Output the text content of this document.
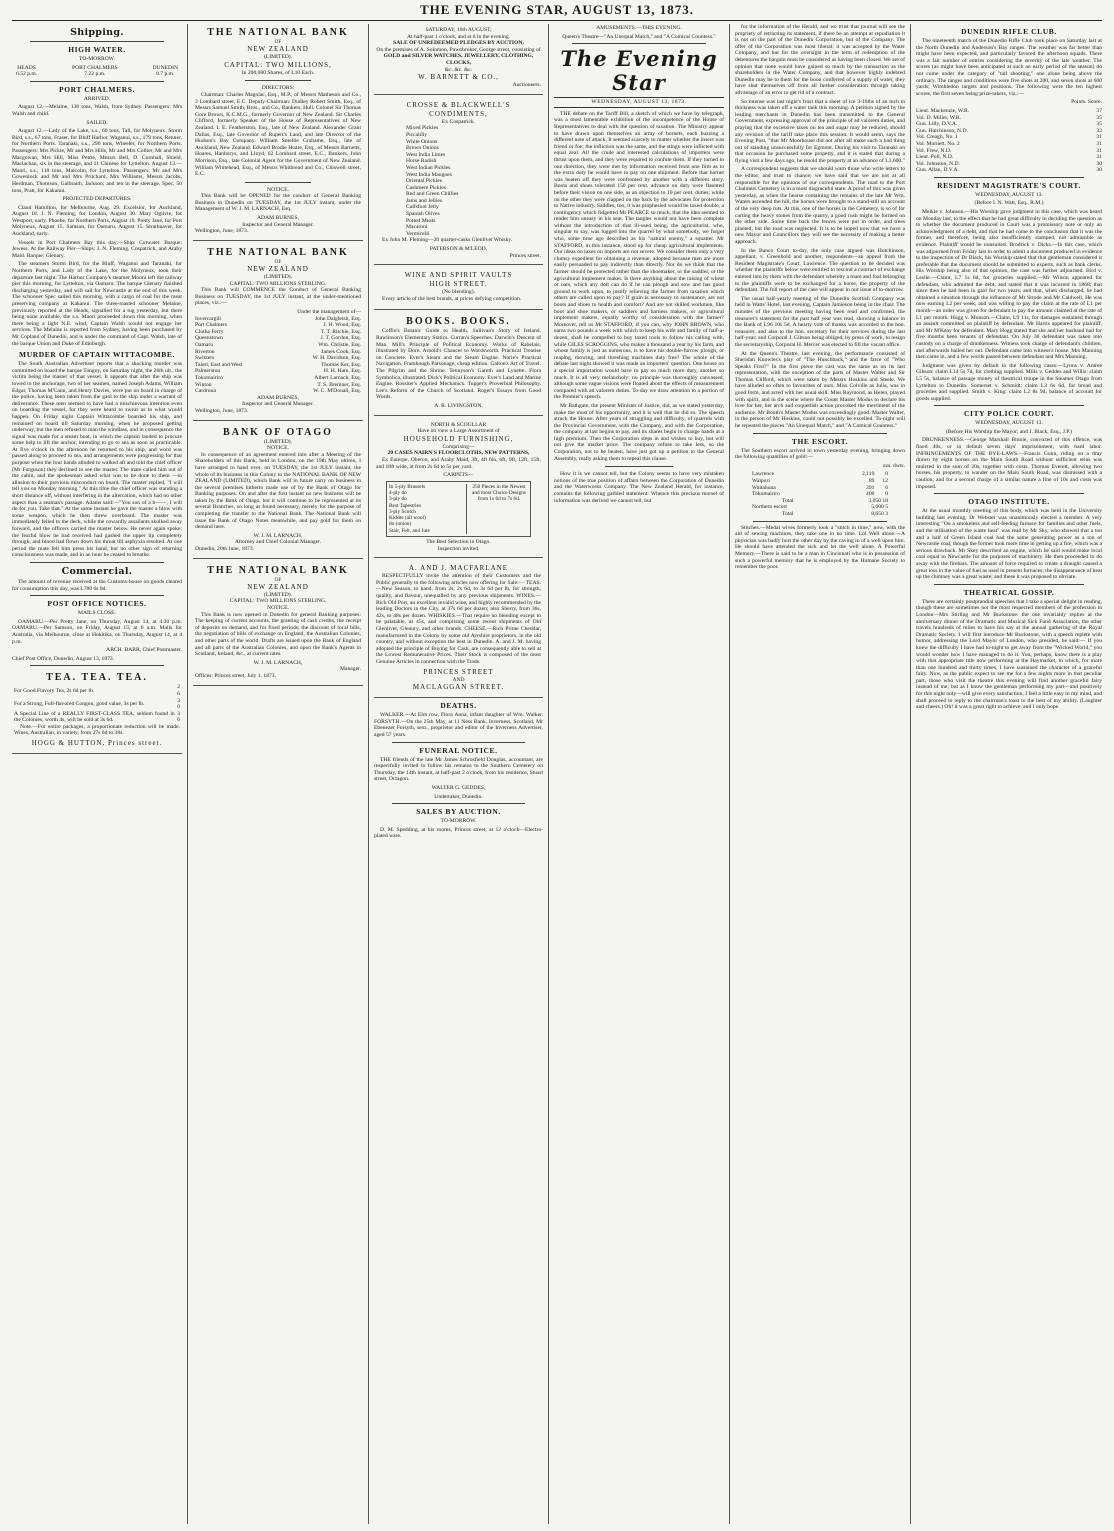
THE EVENING STAR, AUGUST 13, 1873.
Shipping.
HIGH WATER.
TO-MORROW.
HEADS
6.52 p.m.
PORT CHALMERS
7.22 p.m.
DUNEDIN
8.7 p.m.
PORT CHALMERS.
ARRIVED.

August 12.—Melaine, 136 tons, Walsh, from Sydney. Passengers: Mrs Walsh and child.

SAILED.

August 12.—Lady of the Lake, s.s., 60 tons, Tall, for Molyneux. Storm Bird, s.s., 67 tons, Fraser, for Bluff Harbor. Waganui, s.s., 179 tons, Renner, for Northern Ports. Taranaki, s.s., 290 tons, Wheeler, for Northern Ports. Passengers: Mrs Pickie, Mr and Mrs Hills, Mr and Mrs Collier, Mr and Mrs Macgowan, Mrs Hill, Miss Petrie, Messrs Bell, D. Cornhall, Shield, Maclachan, six in the steerage, and 11 Chinese for Lyttelton. August 13.—Maori, s.s., 118 tons, Malcolm, for Lyttelton. Passengers: Mr and Mrs Gowenlock and Mr and Mrs Pritchard, Mrs Williams, Messrs Jacobs, Herdman, Thomson, Galbraith, Jackson; and ten in the steerage. Spec, 50 tons, Pratt, for Kakanui.

PROJECTED DEPARTURES.

Claud Hamilton, for Melbourne, Aug. 29. Excelsior, for Auckland, August 18. J. N. Fleming, for London, August 30. Mary Ogilvie, for Westport, early. Phoebe, for Northern Ports, August 19. Pretty Jane, for Port Molyneux, August 15. Samson, for Oamaru, August 15. Strathnaver, for Auckland, early.

Vessels in Port Chalmers Bay this day:—Ship: Cutwater. Barque: Jewess. At the Railway Pier—Ships: J. N. Fleming, Cospatrick, and Araby Maid. Barque: Glenary.

The steamers Storm Bird, for the Bluff, Waganui and Taranaki, for Northern Ports, and Lady of the Lake, for the Molyneux, took their departure last night. The Harbor Company's steamer Mooni left the railway pier this morning, for Lyttelton, via Oamaru. The barque Glenary finished discharging yesterday, and will sail for Newcastle at the end of this week. The schooner Spec sailed this morning, with a cargo of coal for the meat preserving company at Kakanui. The three-masted schooner Melaine, previously reported at the Heads, signalled for a tug yesterday, but there being none available, the s.s. Maori proceeded down this morning, when there being a light N.E. wind, Captain Walsh would not engage her services. The Melaine is reported from Sydney, having been purchased by Mr Copland of Dunedin, and is under the command of Capt. Walsh, late of the barque Union and Duke of Edinburgh.

MURDER OF CAPTAIN WITTACOMBE.

The South Australian Advertiser reports that a shocking murder was committed on board the barque Tongoy, on Saturday night, the 26th ult., the victim being the master of that vessel. It appears that after the ship was towed to the anchorage, two of her seamen, named Joseph Adams, William Edgar, Thomas M'Cann, and Henry Davies, were put on board in charge of the police, having been taken from the gaol to the ship under a warrant of deliverance. These men seemed to have had a mischievous intention even on boarding the vessel, for they were heard to swear as to what would happen. On Friday night Captain Wittacombe boarded his ship, and remained on board till Saturday morning, when he proposed getting underway, but the men refused to man the windlass, and in consequence the signal was made for a steam boat, in which the captain landed to procure some help to lift the anchor, intending to go to sea as soon as practicable. At five o'clock in the afternoon he returned to his ship, and word was passed along to proceed to sea, and arrangements were progressing for that purpose when the four hands alluded to walked aft and told the chief officer (Mr Furguson) they declined to see the master. The mate called him out of the cabin, and the spokesman asked what was to be done to them —in allusion to their previous misconduct on board. The master replied, "I will tell you on Monday morning." At this time the chief officer was standing a short distance off, without interfering in the altercation, which had no other aspect than a seaman's passage. Adams said:—"You son of a b——, I will do for you. Take that." At the same instant he gave the master a blow with some weapon, which he then threw overboard. The master was immediately felled to the deck, while the cowardly assailants skulked away forward, and the officers carried the master below. He never again spoke; the fearful blow he had received had gashed the upper lip completely through, and blood had flown down his throat till asphyxia resulted. At one period the mate felt him press his hand, but no other sign of returning consciousness was made, and in an hour he ceased to breathe.

Commercial.

The amount of revenue received at the Customs-house on goods cleared for consumption this day, was L780 6s 8d.

POST OFFICE NOTICES.
MAILS CLOSE.

OAMARU.—Per Pretty Jane, on Thursday, August 14, at 4.30 p.m. OAMARU.—Per Samson, on Friday, August 15, at 6 a.m. Mails for Australia, via Melbourne, close at Hokitika, on Thursday, August 14, at 4 p.m.

ARCH. BARR, Chief Postmaster.
Chief Post Office, Dunedin, August 13, 1873.
TEA. TEA. TEA.
For Good Flavory Tea, 2s 6d per lb.	2 6
For a Strong, Full-flavored Congou, good value, 3s per lb.	3 0
A Special Line of a REALLY FIRST-CLASS TEA, seldom found in the Colonies, worth 4s, will be sold at 3s 6d.	3 6

Note.—For entire packages, a proportionate reduction will be made. Wines, Australian, in variety, from 27s 6d to 38s.

HOGG & HUTTON, Princes street.
THE NATIONAL BANK
OF
NEW ZEALAND
(LIMITED).
CAPITAL: TWO MILLIONS,
In 200,000 Shares, of L10 Each.
DIRECTORS:

Chairman: Charles Magniac, Esq., M.P., of Messrs Matheson and Co., 3 Lombard street, E.C. Deputy-Chairman: Dudley Robert Smith, Esq., of Messrs Samuel Smith, Bros., and Co., Bankers, Hull. Colonel Sir Thomas Gore Brown, K.C.M.G., formerly Governor of New Zealand. Sir Charles Clifford, formerly Speaker of the House of Representatives of New Zealand. I. E. Featherston, Esq., late of New Zealand. Alexander Grant Dallas, Esq., late Governor of Rupert's Land, and late Director of the Hudson's Bay Company. William Smellie Grahame, Esq., late of Auckland, New Zealand. Edward Brodie Hoare, Esq., of Messrs Barnetts, Hoares, Hanburys, and Lloyd, 62 Lombard street, E.C., Bankers. John Morrison, Esq., late Colonial Agent for the Government of New Zealand. William Whitehead, Esq., of Messrs Whitbread and Co., Chiswell street, E.C.

NOTICE.

This Bank will be OPENED for the conduct of General Banking Business in Dunedin on TUESDAY, the 1st JULY instant, under the Management of W. J. M. LARNACH, Esq.

ADAM BURNES,
Inspector and General Manager.
Wellington, June, 1873.
THE NATIONAL BANK
OF
NEW ZEALAND
(LIMITED).
CAPITAL: TWO MILLIONS STERLING.

This Bank will COMMENCE the Conduct of General Banking Business on TUESDAY, the 1st JULY instant, at the under-mentioned places, viz.:—

Under the management of—
Invercargill	John Dalgleish, Esq.
Port Chalmers	J. H. Wood, Esq.
Clutha Ferry	T. T. Ritchie, Esq.
Queenstown	J. T. Gordon, Esq.
Oamaru	Wm. Christie, Esq.
Riverton	James Cook, Esq.
Switzers	W. H. Davidson, Esq.
Taieri, East and West	Thomas Ker, Esq.
Palmerston	H. H. Hare, Esq.
Tokomairiro	Albert Larnach, Esq.
Winton	T. S. Bremner, Esq.
Cardrona	W. C. M'Douall, Esq.
ADAM BURNES,
Inspector and General Manager.
Wellington, June, 1873.
BANK OF OTAGO
(LIMITED).
NOTICE.

In consequence of an agreement entered into after a Meeting of the Shareholders of this Bank, held in London, on the 19th May ultimo, I have arranged to hand over, on TUESDAY, the 1st JULY instant, the whole of its business in this Colony to the NATIONAL BANK OF NEW ZEALAND (LIMITED), which Bank will in future carry on business in the several premises hitherto made use of by the Bank of Otago for Banking purposes. On and after the first instant no new business will be taken by the Bank of Otago, but it will continue to be represented at its several Branches, so long as found necessary, merely for the purpose of completing the transfer to the National Bank. The National Bank will issue the Bank of Otago Notes meanwhile, and pay gold for them on demand here.

W. J. M. LARNACH,
Attorney and Chief Colonial Manager.
Dunedin, 20th June, 1873.
THE NATIONAL BANK
OF
NEW ZEALAND
(LIMITED).
CAPITAL: TWO MILLIONS STERLING.
NOTICE.

This Bank is now opened in Dunedin for general Banking purposes: The keeping of current accounts, the granting of cash credits, the receipt of deposits on demand, and for fixed periods; the discount of local bills, the negotiation of bills of exchange on England, the Australian Colonies, and other parts of the world. Drafts are issued upon the Bank of England and all parts of the Australian Colonies, and upon the Bank's Agents in Scotland, Ireland, &c., at current rates.

W. J. M. LARNACH,
Manager.
Offices: Princes street, July 1, 1873.
SATURDAY, 16th AUGUST,
At half-past 1 o'clock, and at 6 in the evening.
SALE OF UNREDEEMED PLEDGES BY AUCTION,
On the premises of A. Solomon, Pawnbroker, George street, consisting of
GOLD and SILVER WATCHES, JEWELLERY, CLOTHING, CLOCKS,
&c. &c. &c.
W. BARNETT & CO.,
Auctioneers.
CROSSE & BLACKWELL'S CONDIMENTS,
Ex Cospatrick.
Mixed Pickles
Piccalilly
White Onions
Brown Onions
West India Limes
Horse Radish
West Indian Pickles
West India Mangoes
Oriental Pickles
Cashmere Pickles
Red and Green Chillies
Jams and Jellies
Calfsfoot Jelly
Spanish Olives
Potted Meats
Macaroni
Vermicelli

Ex John M. Fleming—20 quarter-casks Glenlivet Whisky.

PATERSON & M'LEOD,
Princes street.
WINE AND SPIRIT VAULTS
HIGH STREET.
(No blending).

Every article of the best brands, at prices defying competition.

BOOKS. BOOKS.

Coffin's Botanic Guide to Health. Sullivan's Story of Ireland. Rawlinson's Elementary Statics. Curran's Speeches. Darwin's Descent of Man. Mill's Principle of Political Economy. Works of Rabelais, illustrated by Dore. Arnold's Chaucer to Wordsworth. Practical Treatise on Concrete. Ever's Steam and the Steam Engine. Norie's Practical Navigation. Frambough Parsonage, cheap edition. Galton's Art of Travel. The Pilgrim and the Shrine. Tennyson's Gareth and Lynette. Flora Symbolica, illustrated. Dick's Political Economy. Ever's Land and Marine Engine. Rossiter's Applied Mechanics. Tupper's Proverbial Philosophy. Lee's Reform of the Church of Scotland. Roger's Essays from Good Words.

A. R. LIVINGSTON.
NORTH & SCOULLAR
Have on view a Large Assortment of
HOUSEHOLD FURNISHING,
Comprising—
20 CASES NAIRN'S FLOORCLOTHS, NEW PATTERNS,

Ex Euterpe, Oberon, and Araby Maid, 3ft, 4ft 6in, 6ft, 9ft, 12ft, 15ft, and 18ft wide, at from 2s 6d to 5s per yard.

CARPETS—
In 5-ply Brussels
4-ply do
3-ply do
Best Tapestries
3-ply Scotch
Kidder (all wool)
do (union)
Stair, Felt, and Jute
250 Pieces in the Newest and most Choice Designs from 1s 6d to 7s 6d.
The Best Selection in Otago.
Inspection invited.
A. AND J. MACFARLANE

RESPECTFULLY invite the attention of their Customers and the Public generally to the following articles now offering for Sale:— TEAS.—New Season, to hand, from 2s, 2s 6d, to 3s 6d per lb, for strength, quality, and flavour, unequalled by any previous shipments. WINES.—Rich Old Port, an excellent invalid wine, and highly recommended by the leading Doctors in the City, at 37s 6d per dozen; also Sherry, from 36s, 42s, to 48s per dozen. WHISKIES.—That require no blending except to be palatable, at 45s, and comprising some recent shipments of Old Glenlivet, Glenury, and other brands. CHEESE.—Rich Prime Cheddar, manufactured in the Colony by some old Ayrshire proprietors, in the old country, and without exception the best in Dunedin. A. and J. M. having adopted the principle of Buying for Cash, are consequently able to sell at the Lowest Remunerative Prices. Their Stock is composed of the most Genuine Articles in connection with the Trade.

PRINCES STREET
AND
MACLAGGAN STREET.
DEATHS.

WALKER.—At Elm row, Flora Anna, infant daughter of Wm. Walker. FORSYTH.—On the 25th May, at 11 Ness Bank, Inverness, Scotland, Mr Ebenezer Forsyth, seur., proprietor and editor of the Inverness Advertiser, aged 57 years.

FUNERAL NOTICE.

THE friends of the late Mr James Schrosfield Douglas, accountant, are respectfully invited to follow his remains to the Southern Cemetery on Thursday, the 14th instant, at half-past 2 o'clock, from his residence, Stuart street, Octagon.

WALTER G. GEDDES,
Undertaker, Dunedin.
SALES BY AUCTION.
TO-MORROW.

D. M. Spedding, at his rooms, Princes street, at 12 o'clock—Electro-plated ware.

AMUSEMENTS.—THIS EVENING.
Queen's Theatre—"An Unequal Match," and "A Comical Countess."
The Evening Star
WEDNESDAY, AUGUST 13, 1873.

THE debate on the Tariff Bill, a sketch of which we have by telegraph, was a most lamentable exhibition of the incompetence of the House of Representatives to deal with the question of taxation. The Ministry appear to have drawn upon themselves an army of hornets, each buzzing a different note of attack. It seemed scarcely to matter whether the insect was friend or foe; the infliction was the same, and the stings were inflicted with equal zeal. All the crude and interested calculations of importers were thrust upon them, and they were required to confute them. If they turned in one direction, they were met by information received from one firm as to the extra duty he would have to pay on one shipment. Before that hornet was beaten off they were confronted by another with a different story. Boots and shoes tolerated 150 per cent. advance on duty were flaunted before their vision on one side, as an objection to 10 per cent. duties; while on the other they were clapped on the back by the advocates for protection to Native industry. Saddles, too, it was prophesied would be taxed double, a contingency which fidgetted Mr PEARCE so much, that the idea seemed to render him uneasy in his seat. The tangles would not have been complete without the introduction of that ill-used being, the agriculturist, who, singular to say, was lugged into the quarrel by what somebody, we forget who, some time ago described as his "natural enemy," a squatter. Mr STAFFORD, in this instance, stood up for cheap agricultural implements. Our ideas on taxes on imports are not severe. We consider them only a very clumsy expedient for obtaining a revenue, adopted because men are more easily persuaded to pay indirectly than directly. Nor do we think that the farmer should be protected rather than the shoemaker, or the saddler, or the agricultural implement maker. Is there anything about the raising of wheat or oats, which any dolt can do if he can plough and sow and has good ground to work upon, to justify relieving the farmer from taxation which others are called upon to pay? If grain is necessary to sustenance, are not boots and shoes to health and comfort? And are not skilled workmen, like boot and shoe makers, or saddlers and harness makers, or agricultural implement makers, equally worthy of consideration with the farmer? Moreover, tell us Mr STAFFORD, if you can, why JOHN BROWN, who earns two pounds a week with which to keep his wife and family of half-a-dozen, shall be compelled to buy taxed tools to follow his calling with, while GILES SCROGGINS, who makes a thousand a year by his farm, and whose family is just as numerous, is to have his double-furrow plough, or reaping, mowing, and threshing machines duty free? The whole of the debate last night showed it was made an importers' question. One house on a special importation would have to pay so much more duty, another so much. It is all very melancholy: no principle was thoroughly canvassed, although some vague visions were floated about the effects of measurement compared with ad valorem duties. To-day we draw attention to a portion of the Premier's speech.

Mr Bathgate, the present Minister of Justice, did, as we stated yesterday, make the most of his opportunity, and it is well that he did so. The speech struck the House. After years of struggling and difficulty, of quarrels with the Provincial Government, with the Company, and with the Corporation, the company at last begins to pay, and its shares begin to change hands at a high premium. Then the Corporation steps in and wishes to buy, but will not give the market price. The company refuse to take less, so the Corporation, not to be beaten, have just got up a petition to the General Assembly, really asking them to repeal this clause.

How it is we cannot tell, but the Colony seems to have very mistaken notions of the true position of affairs between the Corporation of Dunedin and the Waterworks Company. The New Zealand Herald, for instance, contains the following garbled statement: Whence this precious morsel of information was derived we cannot tell, but

for the information of the Herald, and we trust that journal will see the propriety of retracting its statement, if there be an attempt at repudiation it is not on the part of the Dunedin Corporation, but of the Company. The offer of the Corporation was most liberal: it was accepted by the Water Company, and but for the oversight in the term of redemption of the debentures the bargain must be considered as having been closed. We are of opinion that none would have gained so much by the transaction as the shareholders in the Water Company, and that however highly indebted Dunedin may be to them for the boon conferred of a supply of water, they have shut themselves off from all further consideration through taking advantage of an error to get rid of a contract.

So intense was last night's frost that a sheet of ice 3-16ths of an inch in thickness was taken off a water tank this morning. A petition signed by the leading merchants in Dunedin has been transmitted to the General Government, expressing approval of the principle of ad valorem duties, and praying that the excessive taxes on tea and sugar may be reduced, should any revision of the tariff take place this session. It would seem, says the Evening Post, "that Mr Moorhouse did not after all make such a bad thing out of standing unsuccessfully for Egmont. During his visit to Taranaki on that occasion he purchased some property, and it is stated that during a flying visit a few days ago, he resold the property at an advance of L1,600."

A correspondent suggests that we should warn those who write letters to the editor, and trust to chance; we have said that we are not at all responsible for the opinions of our correspondents. The road to the Port Chalmers Cemetery is in a most disgraceful state. A proof of this was given yesterday, as when the hearse containing the remains of the late Mr Wm. Waters ascended the hill, the horses were brought to a stand-still on account of the very deep ruts. At this, one of the horses in the Cemetery, is so of for carting the heavy stones from the quarry, a good rush might be formed on the other side. Some time back the fences were put in order, and trees planted, but the road was neglected. It is to be hoped now that we have a new Mayor and Councillors they will see the necessity of making a better approach.

In the Banco Court to-day, the only case argued was Hutchinson, appellant, v. Greenbold and another, respondents—an appeal from the Resident Magistrate's Court, Lawrence. The question to be decided was whether the plaintiffs below were entitled to rescind a contract of exchange entered into by them with the defendant whereby a mare and foal belonging to the plaintiffs were to be exchanged for a horse, the property of the defendant. The full report of the case will appear in our issue of to-morrow.

The usual half-yearly meeting of the Dunedin Scottish Company was held in Watts' Hotel, last evening, Captain Jamieson being in the chair. The minutes of the previous meeting having been read and confirmed, the treasurer's statement for the past half year was read, showing a balance in the Bank of L96 10s 5d. A hearty vote of thanks was accorded to the hon. treasurer, and also to the hon. secretary for their services during the last half-year; and Corporal J. Gibson being obliged, by press of work, to resign the secretaryship, Corporal H. Mercer was elected to fill the vacant office.

At the Queen's Theatre, last evening, the performance consisted of Sheridan Knowles's play of "The Hunchback," and the farce of "Who Speaks First?" In the first piece the cast was the same as on its last representation, with the exception of the parts of Master Walter and Sir Thomas Clifford, which were taken by Messrs Hoskins and Steele. We have alluded so often to favourites of ours. Miss Colville as Julia, was in good form, and acted with her usual skill. Miss Raymond, as Helen, played with spirit, and in the scene where the Count Master Modus to declare his love for her, her arch and coquettish action provoked the merriment of the audience. Mr Booth's Master Modus was exceedingly good. Master Walter, in the person of Mr Hoskins, could not possibly be excelled. To-night will be repeated the pieces "An Unequal Match," and "A Comical Countess."

THE ESCORT.

The Southern escort arrived in town yesterday evening, bringing down the following quantities of gold:—

ozs. dwts.
Lawrence	2,119	0
Waipori	89	12
Waitahuna	391	6
Tokomairiro	400	0
Total	3,050 18	
Northern escort	5,600 5	
Total	8,650 3	

Stitches.—Medal wives formerly took a "stitch in time," now, with the aid of sewing machines, they take one in no time. Lol Well alone.—A physician was badly hurt the other day by the caving in of a well upon him. He should have attended the sick and let the well alone. A Powerful Memory.—There is said to be a man in Cincinnati who is in possession of such a powerful memory that he is employed by the Humane Society to remember the poor.

DUNEDIN RIFLE CLUB.

The nineteenth match of the Dunedin Rifle Club took place on Saturday last at the North Dunedin and Anderson's Bay ranges. The weather was far better than might have been expected, and particularly favored the afternoon squads. There was a fair number of entries considering the severity of the late weather. The scores (as might have been anticipated at such an early period of the season) do not come under the category of "tall shooting," one alone being above the ordinary. The ranges and conditions were five shots at 200, and seven shots at 600 yards; Wimbledon targets and positions. The following were the ten highest scores, the first seven being prize-takers, viz.:—

Points. Score.
Lieut. Mackenzie, W.R.	37
Vol. D. Miller, W.R.	35
Gun. Lilly, D.V.A.	35
Gun. Hutchinson, N.D.	32
Vol. Creagh, No. 1	31
Vol. Mornett, No. 2	31
Vol. Frew, N.D.	31
Lieut. Poll, N.D.	31
Vol. Johnston, N.D.	30
Gun. Allan, D.V.A.	30
RESIDENT MAGISTRATE'S COURT.
WEDNESDAY, AUGUST 13.
(Before I. N. Watt, Esq., R.M.)

Meikle v. Johnson.—His Worship gave judgment in this case, which was heard on Monday last, to the effect that he had great difficulty in deciding the question as to whether the document produced in Court was a promissory note or only an acknowledgment of a debt, and that he had come to the conclusion that it was the former, and therefore, being also insufficiently stamped, not admissible as evidence. Plaintiff would be nonsuited. Brodrick v. Dicks.—In this case, which was adjourned from Friday last in order to admit a document produced in evidence to the inspection of Dr Black, his Worship stated that that gentleman considered it preferable that the document should be submitted to experts, such as bank clerks. His Worship being also of that opinion, the case was further adjourned. Bird v. Leslie.—Claim, L7 1s 6d, for groceries supplied.—Mr Wilson appeared for defendant, who admitted the debt, and stated that it was incurred in 1868; that since then he had been in gaol for two years; and that, when discharged, he had obtained a situation through the influence of Mr Strode and Mr Caldwell. He was now earning L2 per week, and was willing to pay the claim at the rate of L1 per month—an order was given for defendant to pay the amount claimed at the rate of L1 per month. Hogg v. Monson.—Claim, L9 11s, for damages sustained through an assault committed on plaintiff by defendant. Mr Harris appeared for plaintiff, and Mr M'Keay for defendant. Mary Hogg stated that she and her husband had for five months been tenants of defendant. On July 30 defendant was taken into custody on a charge of drunkenness. Witness took charge of defendant's children, and afterwards bailed her out. Defendant came into witness's house. Mrs Manning then came in, and a few words passed between defendant and Mrs Manning.

Judgment was given by default in the following cases:—Lyons v. Antree Gibson: claim L14 5s 7d, for clothing supplied. Mills v. Geddes and Willis: claim L5 5s, balance of passage money of theatrical troupe in the Steamer Otago from Lyttelton to Dunedin. Somerset v. Schmidt: claim L3 6s 6d, for bread and groceries and supplied. Smith v. King: claim L2 8s 9d, balance of account for goods supplied.

CITY POLICE COURT.
WEDNESDAY, AUGUST 13.
(Before His Worship the Mayor; and J. Black, Esq., J.P.)

DRUNKENNESS.—George Marshall Binnie, convicted of this offence, was fined 40s, or in default seven days' imprisonment, with hard labor. INFRINGEMENTS OF THE BYE-LAWS.—Francis Gunn, riding on a dray drawn by eight horses on the Main South Road without sufficient reins was mulcted in the sum of 20s, together with costs. Thomas Everett, allowing two horses, his property, to wander on the Main South Road, was dismissed with a caution; and for a second charge of a similar nature a fine of 10s and costs was imposed.

OTAGO INSTITUTE.

At the usual monthly meeting of this body, which was held in the University building last evening, Dr Webster was unanimously elected a member. A very interesting "On a smokeless and self-feeding furnace for families and other fuels, and the utilisation of the waste heat" was read by Mr Sky, who showed that a ton and a half of Green Island coal had the same generating power as a ton of Newcastle coal, though the former took more time in getting up a fire, which was a serious drawback. Mr Skey described an engine, which he said would make local coal equal to Newcastle for the purposes of machinery. He then proceeded to do away with the firebars. The amount of force required to create a draught caused a great loss in the value of fuel as used in present furnaces; the disappearance of heat up the chimney was a great waste; and these it was proposed to obviate.

THEATRICAL GOSSIP.

There are certainly postprandial speeches that I take a special delight in reading, though these are sometimes not the most respected members of the profession in London—Mrs Stirling and Mr Buckstone: the one invariably replies at the anniversary dinner of the Dramatic and Musical Sick Fund Association, the other travels hundreds of miles to have his say at the annual gathering of the Royal Dramatic Society. I will first introduce Mr Buckstone, with a speech replete with humor, addressing the Lord Mayor of London, who presided, he said:— If you knew the difficulty I have had to-night to get away from the "Wicked World," you would wonder how I have managed to do it. You, perhaps, know there is a play with that appropriate title now performing at the Haymarket, in which, for more than one hundred and thirty times, I have sustained the character of a graceful fairy. Now, as the public expect to see me for a few nights more in that peculiar part, those who visit the theatre this evening will find another graceful fairy instead of me; but as I know the gentleman performing my part—and positively for this night only—will give every satisfaction, I feel a little easy in my mind, and shall proceed to reply to the chairman's toast to the best of my ability. (Laughter and cheers.) Oh! it was a great right to achieve, and I only hope
